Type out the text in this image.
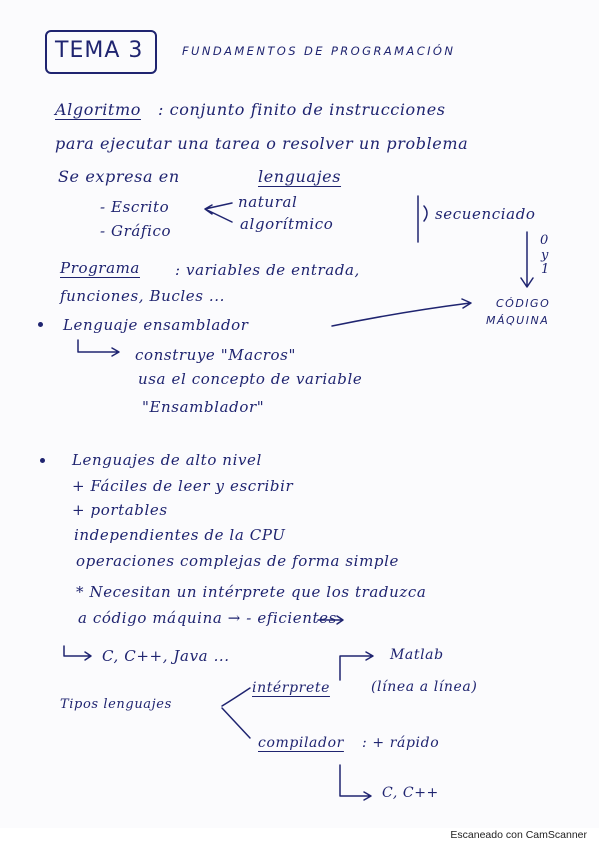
TEMA 3	FUNDAMENTOS DE PROGRAMACIÓN
Algoritmo : conjunto finito de instrucciones
para ejecutar una tarea o resolver un problema
Se expresa en	lenguajes
- Escrito
- Gráfico
natural
algorítmico
secuenciado
0
y
1
CÓDIGO
MÁQUINA
Programa : variables de entrada,
funciones, Bucles ...
Lenguaje ensamblador
construye "Macros"
usa el concepto de variable
"Ensamblador"
Lenguajes de alto nivel
+ Fáciles de leer y escribir
+ portables
independientes de la CPU
operaciones complejas de forma simple
* Necesitan un intérprete que los traduzca
a código máquina → - eficientes
C, C++, Java ...
Tipos lenguajes
intérprete	(línea a línea)
Matlab
compilador : + rápido
C, C++
Escaneado con CamScanner
